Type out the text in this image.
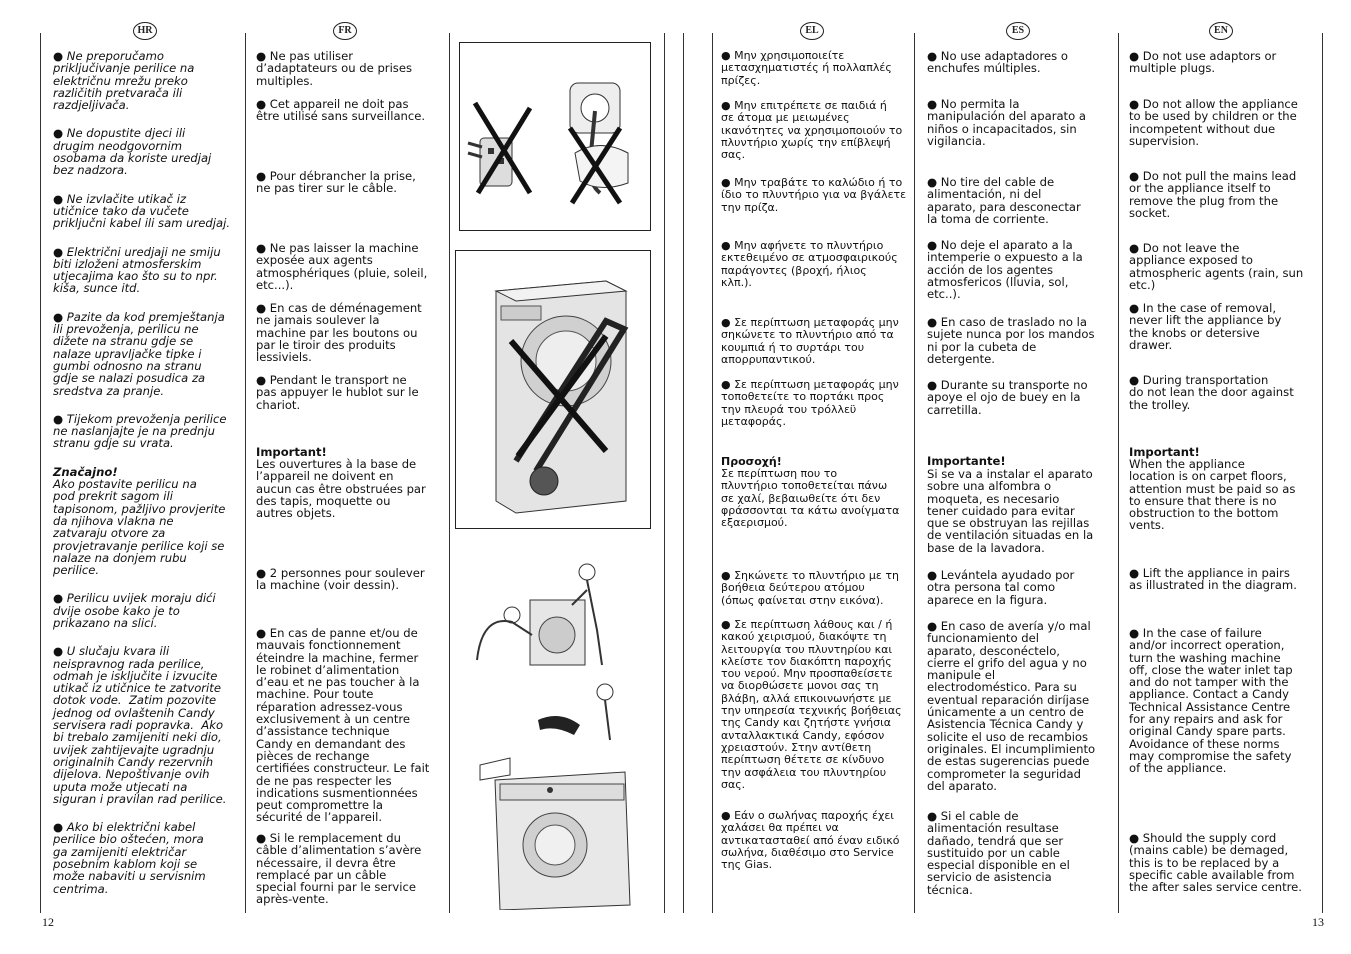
HR	FR	EL	ES	EN

● Ne preporučamo
priključivanje perilice na
električnu mrežu preko
različitih pretvarača ili
razdjeljivača.

● Ne dopustite djeci ili
drugim neodgovornim
osobama da koriste uredjaj
bez nadzora.

● Ne izvlačite utikač iz
utičnice tako da vučete
priključni kabel ili sam uredjaj.

● Električni uredjaji ne smiju
biti izloženi atmosferskim
utjecajima kao što su to npr.
kiša, sunce itd.

● Pazite da kod premještanja
ili prevoženja, perilicu ne
dižete na stranu gdje se
nalaze upravljačke tipke i
gumbi odnosno na stranu
gdje se nalazi posudica za
sredstva za pranje.

● Tijekom prevoženja perilice
ne naslanjajte je na prednju
stranu gdje su vrata.

Značajno!

Ako postavite perilicu na
pod prekrit sagom ili
tapisonom, pažljivo provjerite
da njihova vlakna ne
zatvaraju otvore za
provjetravanje perilice koji se
nalaze na donjem rubu
perilice.

● Perilicu uvijek moraju dići
dvije osobe kako je to
prikazano na slici.

● U slučaju kvara ili
neispravnog rada perilice,
odmah je isključite i izvucite
utikač iz utičnice te zatvorite
dotok vode.  Zatim pozovite
jednog od ovlaštenih Candy
servisera radi popravka.  Ako
bi trebalo zamijeniti neki dio,
uvijek zahtijevajte ugradnju
originalnih Candy rezervnih
dijelova. Nepoštivanje ovih
uputa može utjecati na
siguran i pravilan rad perilice.

● Ako bi električni kabel
perilice bio oštećen, mora
ga zamijeniti električar
posebnim kablom koji se
može nabaviti u servisnim
centrima.

● Ne pas utiliser
d’adaptateurs ou de prises
multiples.

● Cet appareil ne doit pas
être utilisé sans surveillance.

● Pour débrancher la prise,
ne pas tirer sur le câble.

● Ne pas laisser la machine
exposée aux agents
atmosphériques (pluie, soleil,
etc...).

● En cas de déménagement
ne jamais soulever la
machine par les boutons ou
par le tiroir des produits
lessiviels.

● Pendant le transport ne
pas appuyer le hublot sur le
chariot.

Important!

Les ouvertures à la base de
l’appareil ne doivent en
aucun cas être obstruées par
des tapis, moquette ou
autres objets.

● 2 personnes pour soulever
la machine (voir dessin).

● En cas de panne et/ou de
mauvais fonctionnement
éteindre la machine, fermer
le robinet d’alimentation
d’eau et ne pas toucher à la
machine. Pour toute
réparation adressez-vous
exclusivement à un centre
d’assistance technique
Candy en demandant des
pièces de rechange
certifiées constructeur. Le fait
de ne pas respecter les
indications susmentionnées
peut compromettre la
sécurité de l’appareil.

● Si le remplacement du
câble d’alimentation s’avère
nécessaire, il devra être
remplacé par un câble
special fourni par le service
après-vente.

● Μην χρησιμοποιείτε
μετασχηματιστές ή πολλαπλές
πρίζες.

● Μην επιτρέπετε σε παιδιά ή
σε άτομα με μειωμένες
ικανότητες να χρησιμοποιούν το
πλυντήριο χωρίς την επίβλεψή
σας.

● Μην τραβάτε το καλώδιο ή το
ίδιο το πλυντήριο για να βγάλετε
την πρίζα.

● Μην αφήνετε το πλυντήριο
εκτεθειμένο σε ατμοσφαιρικούς
παράγοντες (βροχή, ήλιος
κλπ.).

● Σε περίπτωση μεταφοράς μην
σηκώνετε το πλυντήριο από τα
κουμπιά ή το συρτάρι του
απορρυπαντικού.

● Σε περίπτωση μεταφοράς μην
τοποθετείτε το πορτάκι προς
την πλευρά του τρόλλεϋ
μεταφοράς.

Προσοχή!

Σε περίπτωση που το
πλυντήριο τοποθετείται πάνω
σε χαλί, βεβαιωθείτε ότι δεν
φράσσονται τα κάτω ανοίγματα
εξαερισμού.

● Σηκώνετε το πλυντήριο με τη
βοήθεια δεύτερου ατόμου
(όπως φαίνεται στην εικόνα).

● Σε περίπτωση λάθους και / ή
κακού χειρισμού, διακόψτε τη
λειτουργία του πλυντηρίου και
κλείστε τον διακόπτη παροχής
του νερού. Μην προσπαθείσετε
να διορθώσετε μονοι σας τη
βλάβη, αλλά επικοινωνήστε με
την υπηρεσία τεχνικής βοήθειας
της Candy και ζητήστε γνήσια
ανταλλακτικά Candy, εφόσον
χρειαστούν. Στην αντίθετη
περίπτωση θέτετε σε κίνδυνο
την ασφάλεια του πλυντηρίου
σας.

● Εάν ο σωλήνας παροχής έχει
χαλάσει θα πρέπει να
αντικατασταθεί από έναν ειδικό
σωλήνα, διαθέσιμο στο Service
της Gias.

● No use adaptadores o
enchufes múltiples.

● No permita la
manipulación del aparato a
niños o incapacitados, sin
vigilancia.

● No tire del cable de
alimentación, ni del
aparato, para desconectar
la toma de corriente.

● No deje el aparato a la
intemperie o expuesto a la
acción de los agentes
atmosfericos (lluvia, sol,
etc..).

● En caso de traslado no la
sujete nunca por los mandos
ni por la cubeta de
detergente.

● Durante su transporte no
apoye el ojo de buey en la
carretilla.

Importante!

Si se va a instalar el aparato
sobre una alfombra o
moqueta, es necesario
tener cuidado para evitar
que se obstruyan las rejillas
de ventilación situadas en la
base de la lavadora.

● Levántela ayudado por
otra persona tal como
aparece en la figura.

● En caso de avería y/o mal
funcionamiento del
aparato, desconéctelo,
cierre el grifo del agua y no
manipule el
electrodoméstico. Para su
eventual reparación diríjase
únicamente a un centro de
Asistencia Técnica Candy y
solicite el uso de recambios
originales. El incumplimiento
de estas sugerencias puede
comprometer la seguridad
del aparato.

● Si el cable de
alimentación resultase
dañado, tendrá que ser
sustituido por un cable
especial disponible en el
servicio de asistencia
técnica.

● Do not use adaptors or
multiple plugs.

● Do not allow the appliance
to be used by children or the
incompetent without due
supervision.

● Do not pull the mains lead
or the appliance itself to
remove the plug from the
socket.

● Do not leave the
appliance exposed to
atmospheric agents (rain, sun
etc.)

● In the case of removal,
never lift the appliance by
the knobs or detersive
drawer.

● During transportation
do not lean the door against
the trolley.

Important!

When the appliance
location is on carpet floors,
attention must be paid so as
to ensure that there is no
obstruction to the bottom
vents.

● Lift the appliance in pairs
as illustrated in the diagram.

● In the case of failure
and/or incorrect operation,
turn the washing machine
off, close the water inlet tap
and do not tamper with the
appliance. Contact a Candy
Technical Assistance Centre
for any repairs and ask for
original Candy spare parts.
Avoidance of these norms
may compromise the safety
of the appliance.

● Should the supply cord
(mains cable) be demaged,
this is to be replaced by a
specific cable available from
the after sales service centre.

12	13
